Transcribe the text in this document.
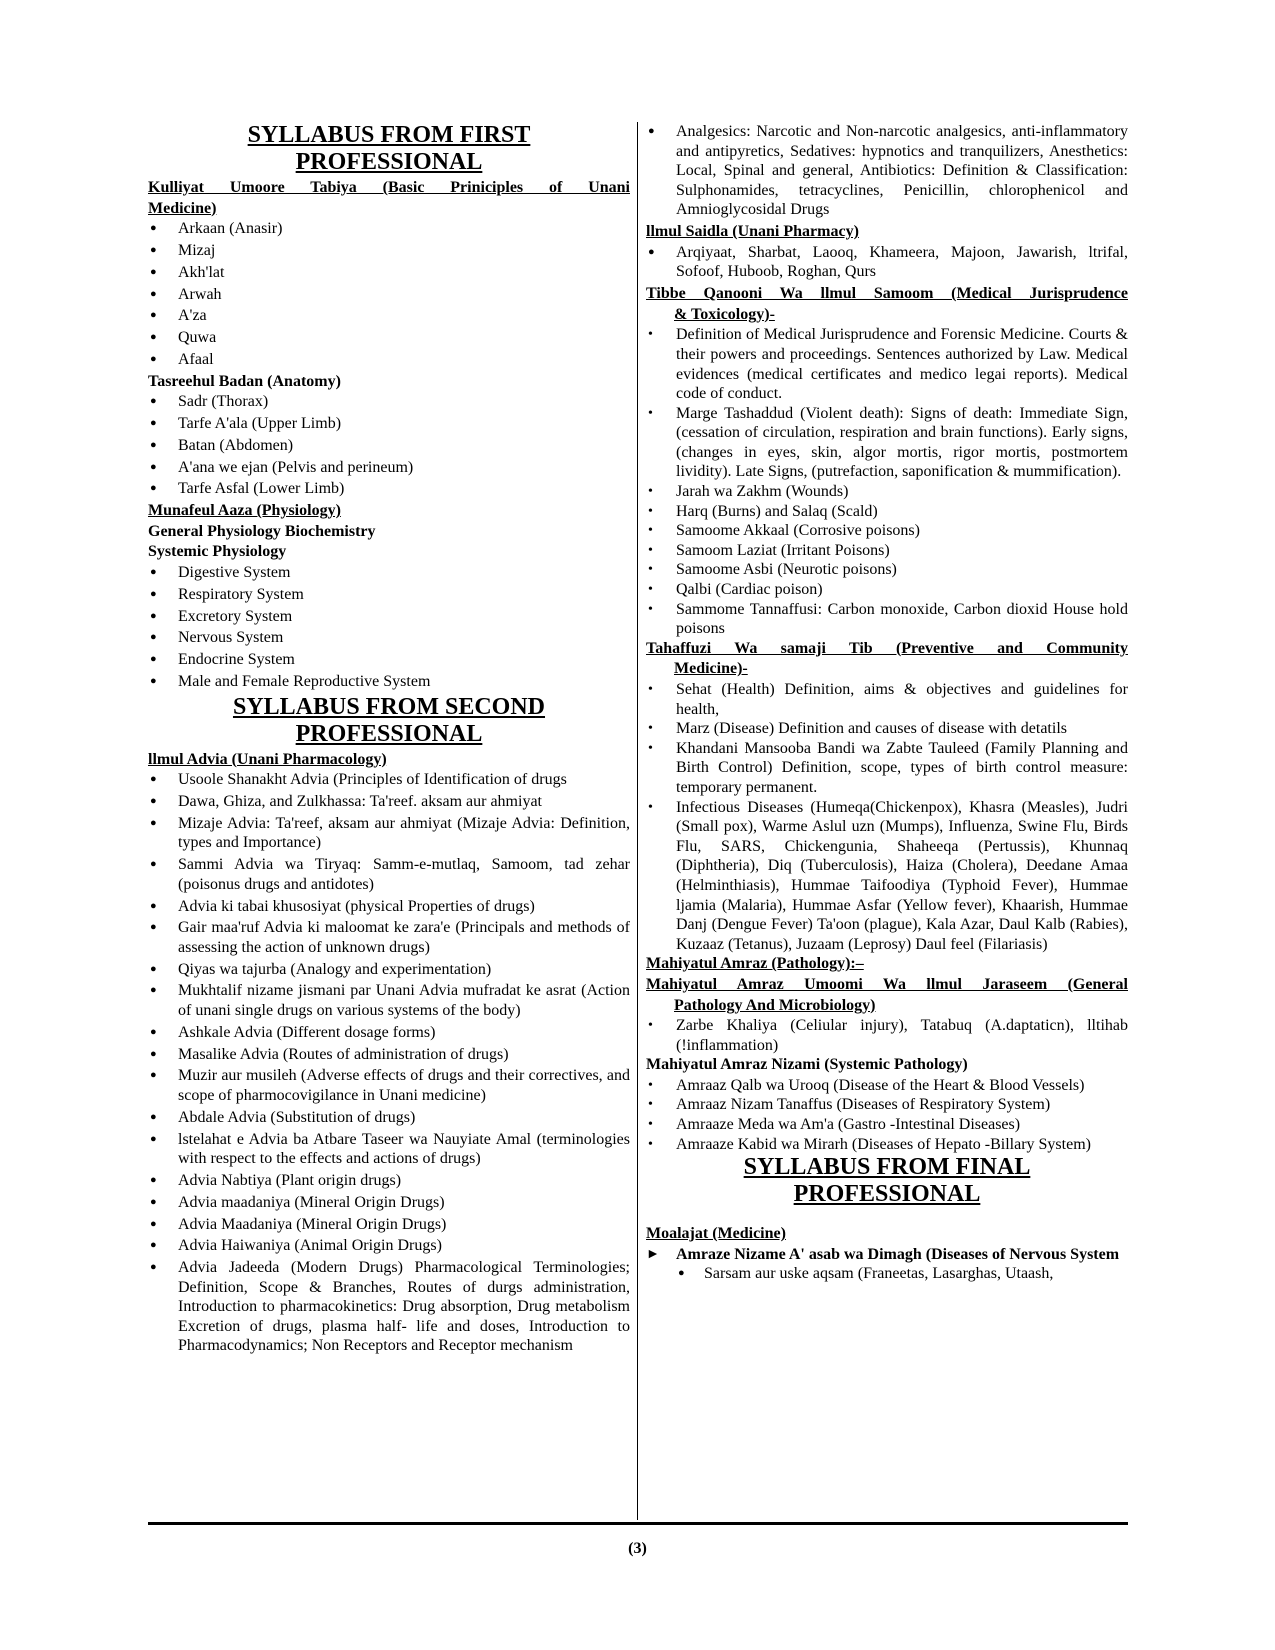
SYLLABUS FROM FIRST
PROFESSIONAL

Kulliyat Umoore Tabiya (Basic Priniciples of Unani

Medicine)

● Arkaan (Anasir)
● Mizaj
● Akh'lat
● Arwah
● A'za
● Quwa
● Afaal

Tasreehul Badan (Anatomy)

● Sadr (Thorax)
● Tarfe A'ala (Upper Limb)
● Batan (Abdomen)
● A'ana we ejan (Pelvis and perineum)
● Tarfe Asfal (Lower Limb)

Munafeul Aaza (Physiology)

General Physiology Biochemistry

Systemic Physiology

● Digestive System
● Respiratory System
● Excretory System
● Nervous System
● Endocrine System
● Male and Female Reproductive System
SYLLABUS FROM SECOND
PROFESSIONAL

llmul Advia (Unani Pharmacology)

● Usoole Shanakht Advia (Principles of Identification of drugs
● Dawa, Ghiza, and Zulkhassa: Ta'reef. aksam aur ahmiyat
● Mizaje Advia: Ta'reef, aksam aur ahmiyat (Mizaje Advia: Definition, types and Importance)
● Sammi Advia wa Tiryaq: Samm-e-mutlaq, Samoom, tad zehar (poisonus drugs and antidotes)
● Advia ki tabai khusosiyat (physical Properties of drugs)
● Gair maa'ruf Advia ki maloomat ke zara'e (Principals and methods of assessing the action of unknown drugs)
● Qiyas wa tajurba (Analogy and experimentation)
● Mukhtalif nizame jismani par Unani Advia mufradat ke asrat (Action of unani single drugs on various systems of the body)
● Ashkale Advia (Different dosage forms)
● Masalike Advia (Routes of administration of drugs)
● Muzir aur musileh (Adverse effects of drugs and their correctives, and scope of pharmocovigilance in Unani medicine)
● Abdale Advia (Substitution of drugs)
● lstelahat e Advia ba Atbare Taseer wa Nauyiate Amal (terminologies with respect to the effects and actions of drugs)
● Advia Nabtiya (Plant origin drugs)
● Advia maadaniya (Mineral Origin Drugs)
● Advia Maadaniya (Mineral Origin Drugs)
● Advia Haiwaniya (Animal Origin Drugs)
● Advia Jadeeda (Modern Drugs) Pharmacological Terminologies; Definition, Scope & Branches, Routes of durgs administration, Introduction to pharmacokinetics: Drug absorption, Drug metabolism Excretion of drugs, plasma half- life and doses, Introduction to Pharmacodynamics; Non Receptors and Receptor mechanism
● Analgesics: Narcotic and Non-narcotic analgesics, anti-inflammatory and antipyretics, Sedatives: hypnotics and tranquilizers, Anesthetics: Local, Spinal and general, Antibiotics: Definition & Classification: Sulphonamides, tetracyclines, Penicillin, chlorophenicol and Amnioglycosidal Drugs

llmul Saidla (Unani Pharmacy)

● Arqiyaat, Sharbat, Laooq, Khameera, Majoon, Jawarish, ltrifal, Sofoof, Huboob, Roghan, Qurs

Tibbe Qanooni Wa llmul Samoom (Medical Jurisprudence

& Toxicology)-

• Definition of Medical Jurisprudence and Forensic Medicine. Courts & their powers and proceedings. Sentences authorized by Law. Medical evidences (medical certificates and medico legai reports). Medical code of conduct.
• Marge Tashaddud (Violent death): Signs of death: Immediate Sign, (cessation of circulation, respiration and brain functions). Early signs, (changes in eyes, skin, algor mortis, rigor mortis, postmortem lividity). Late Signs, (putrefaction, saponification & mummification).
• Jarah wa Zakhm (Wounds)
• Harq (Burns) and Salaq (Scald)
• Samoome Akkaal (Corrosive poisons)
• Samoom Laziat (Irritant Poisons)
• Samoome Asbi (Neurotic poisons)
• Qalbi (Cardiac poison)
• Sammome Tannaffusi: Carbon monoxide, Carbon dioxid House hold poisons

Tahaffuzi Wa samaji Tib (Preventive and Community

Medicine)-

• Sehat (Health) Definition, aims & objectives and guidelines for health,
• Marz (Disease) Definition and causes of disease with detatils
• Khandani Mansooba Bandi wa Zabte Tauleed (Family Planning and Birth Control) Definition, scope, types of birth control measure: temporary permanent.
• Infectious Diseases (Humeqa(Chickenpox), Khasra (Measles), Judri (Small pox), Warme Aslul uzn (Mumps), Influenza, Swine Flu, Birds Flu, SARS, Chickengunia, Shaheeqa (Pertussis), Khunnaq (Diphtheria), Diq (Tuberculosis), Haiza (Cholera), Deedane Amaa (Helminthiasis), Hummae Taifoodiya (Typhoid Fever), Hummae ljamia (Malaria), Hummae Asfar (Yellow fever), Khaarish, Hummae Danj (Dengue Fever) Ta'oon (plague), Kala Azar, Daul Kalb (Rabies), Kuzaaz (Tetanus), Juzaam (Leprosy) Daul feel (Filariasis)

Mahiyatul Amraz (Pathology):–

Mahiyatul Amraz Umoomi Wa llmul Jaraseem (General

Pathology And Microbiology)

• Zarbe Khaliya (Celiular injury), Tatabuq (A.daptaticn), lltihab (!inflammation)

Mahiyatul Amraz Nizami (Systemic Pathology)

• Amraaz Qalb wa Urooq (Disease of the Heart & Blood Vessels)
• Amraaz Nizam Tanaffus (Diseases of Respiratory System)
• Amraaze Meda wa Am'a (Gastro -Intestinal Diseases)
• Amraaze Kabid wa Mirarh (Diseases of Hepato -Billary System)
SYLLABUS FROM FINAL
PROFESSIONAL

Moalajat (Medicine)

► Amraze Nizame A' asab wa Dimagh (Diseases of Nervous System
● Sarsam aur uske aqsam (Franeetas, Lasarghas, Utaash,
(3)
